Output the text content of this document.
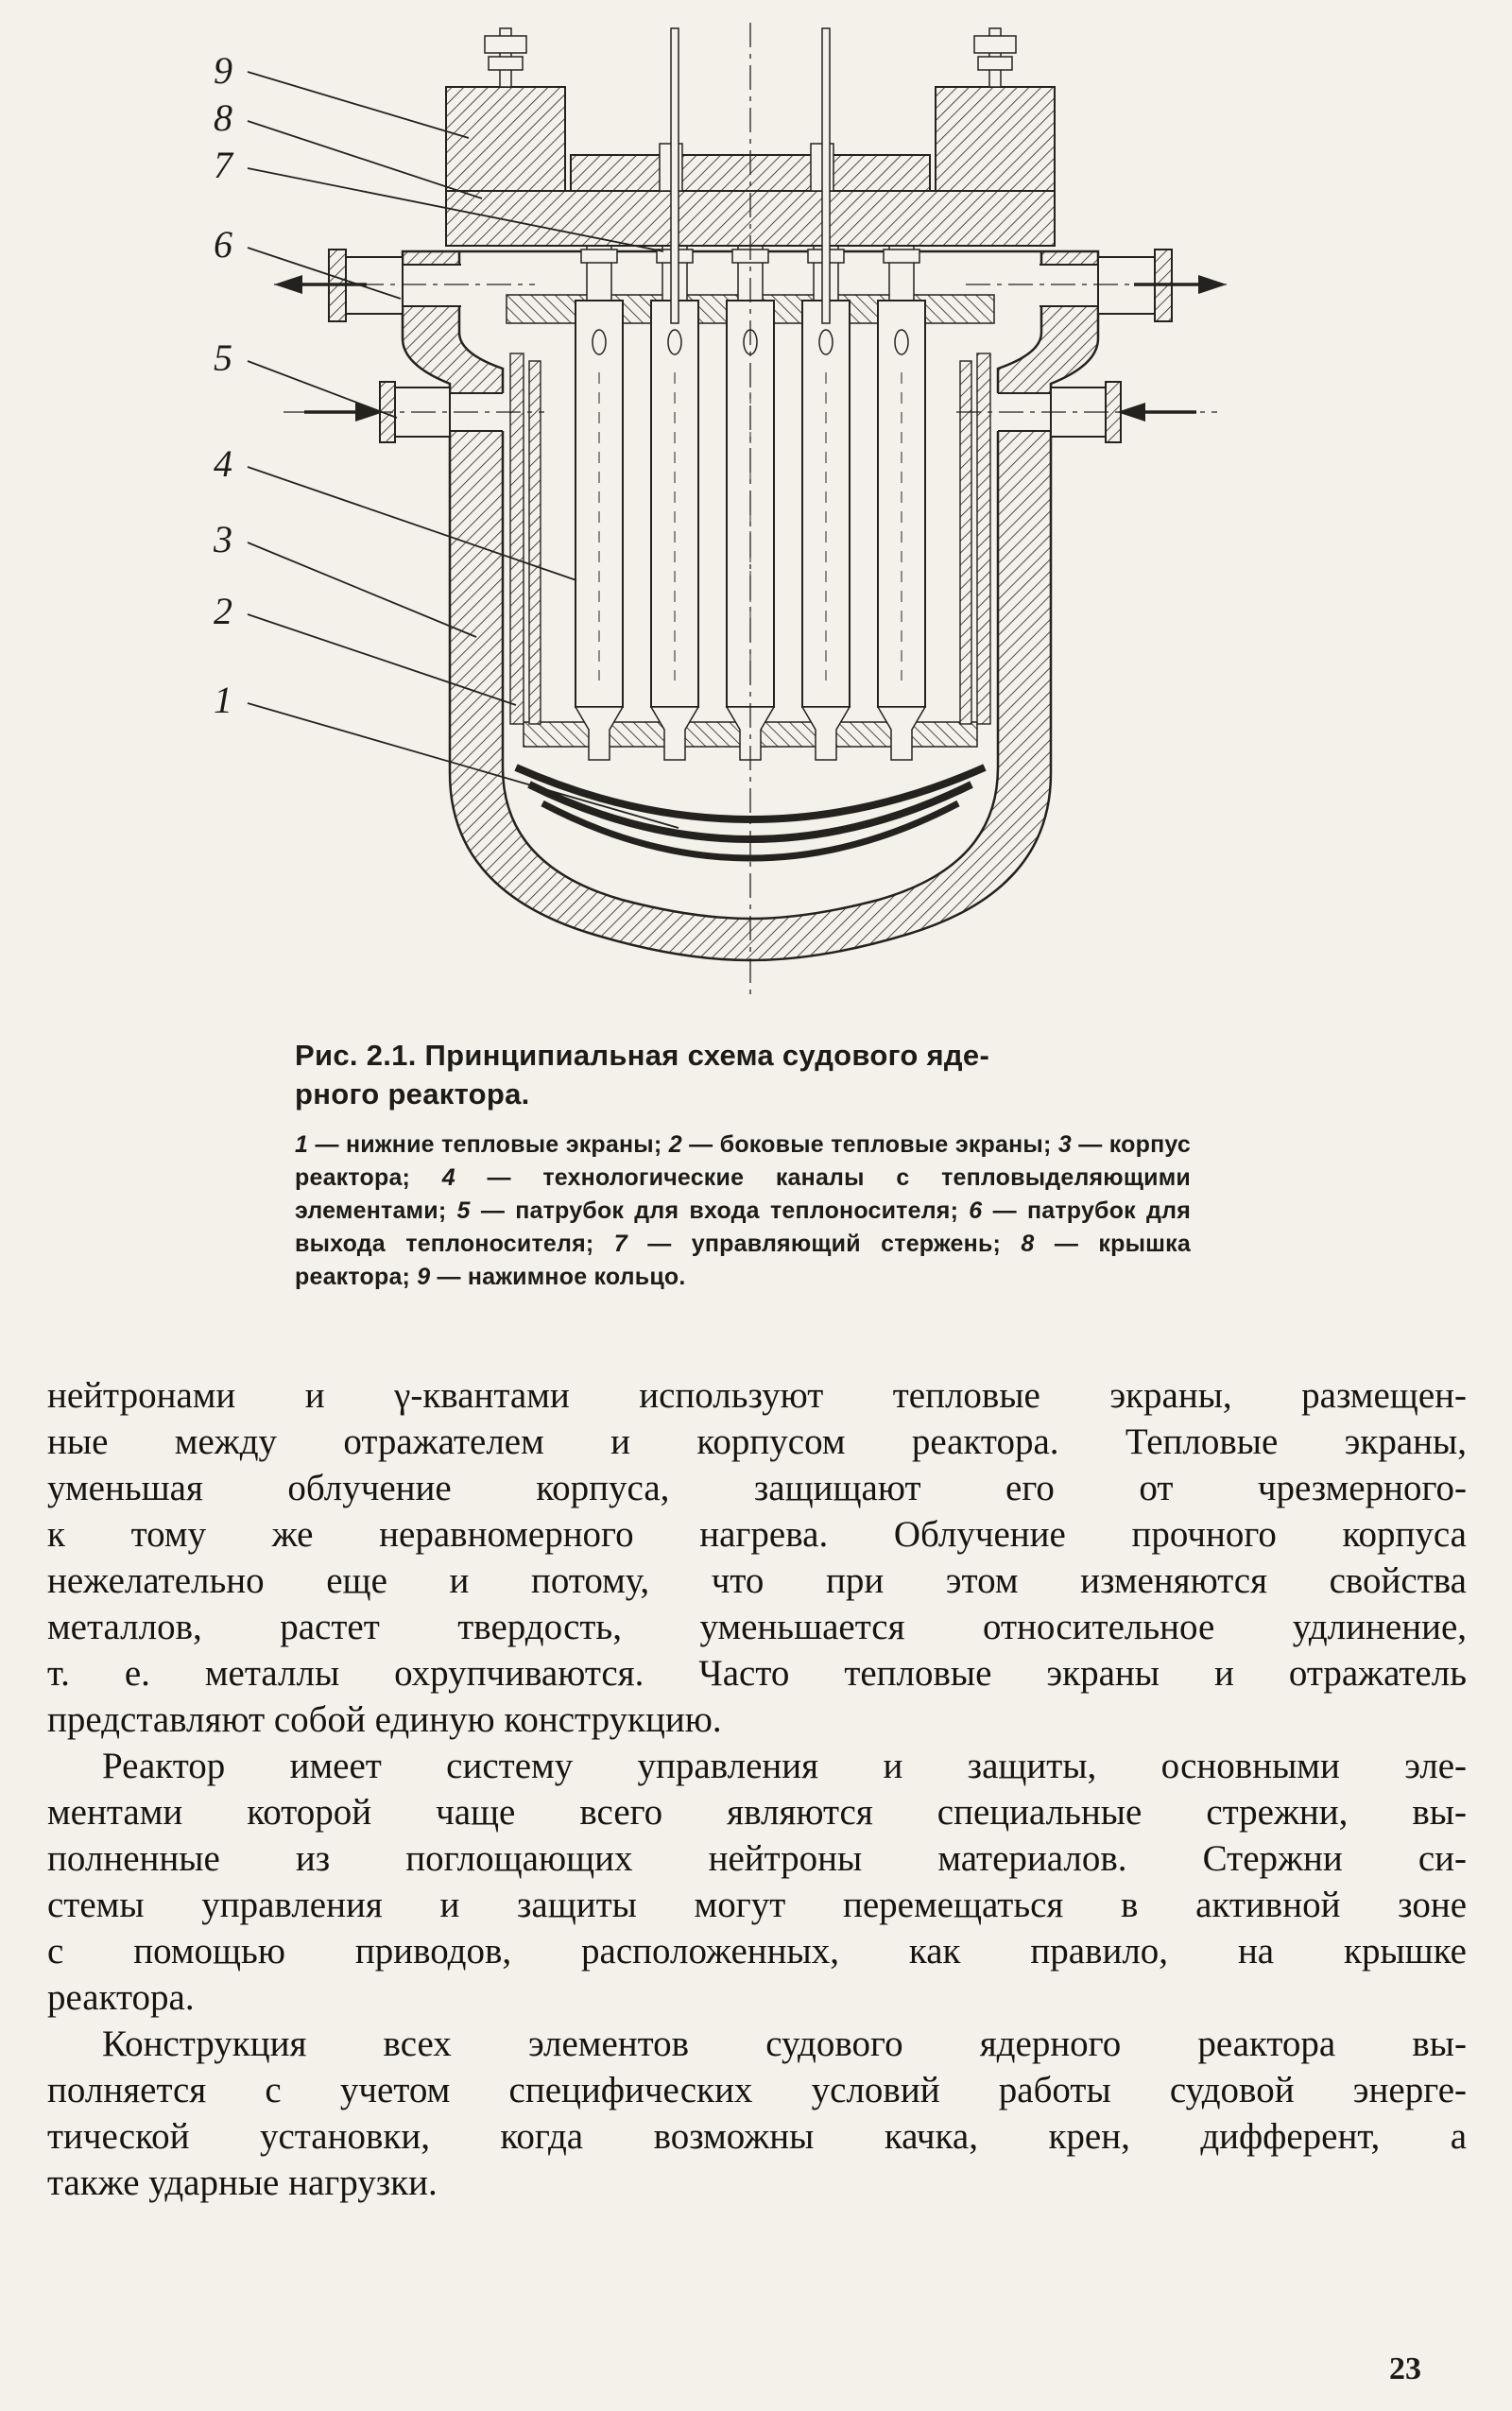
9
8
7
6
5
4
3
2
1
Рис. 2.1. Принципиальная схема судового яде-
рного реактора.
1 — нижние тепловые экраны; 2 — боковые тепловые экраны; 3 — корпус реактора; 4 — технологические каналы с тепловыделяющими элементами; 5 — патрубок для входа теплоносителя; 6 — патрубок для выхода теплоносителя; 7 — управляющий стержень; 8 — крышка реактора; 9 — нажимное кольцо.
нейтронами и γ-квантами используют тепловые экраны, размещен-
ные между отражателем и корпусом реактора. Тепловые экраны,
уменьшая облучение корпуса, защищают его от чрезмерного-
к тому же неравномерного нагрева. Облучение прочного корпуса
нежелательно еще и потому, что при этом изменяются свойства
металлов, растет твердость, уменьшается относительное удлинение,
т. е. металлы охрупчиваются. Часто тепловые экраны и отражатель
представляют собой единую конструкцию.
Реактор имеет систему управления и защиты, основными эле-
ментами которой чаще всего являются специальные стрежни, вы-
полненные из поглощающих нейтроны материалов. Стержни си-
стемы управления и защиты могут перемещаться в активной зоне
с помощью приводов, расположенных, как правило, на крышке
реактора.
Конструкция всех элементов судового ядерного реактора вы-
полняется с учетом специфических условий работы судовой энерге-
тической установки, когда возможны качка, крен, дифферент, а
также ударные нагрузки.
23
